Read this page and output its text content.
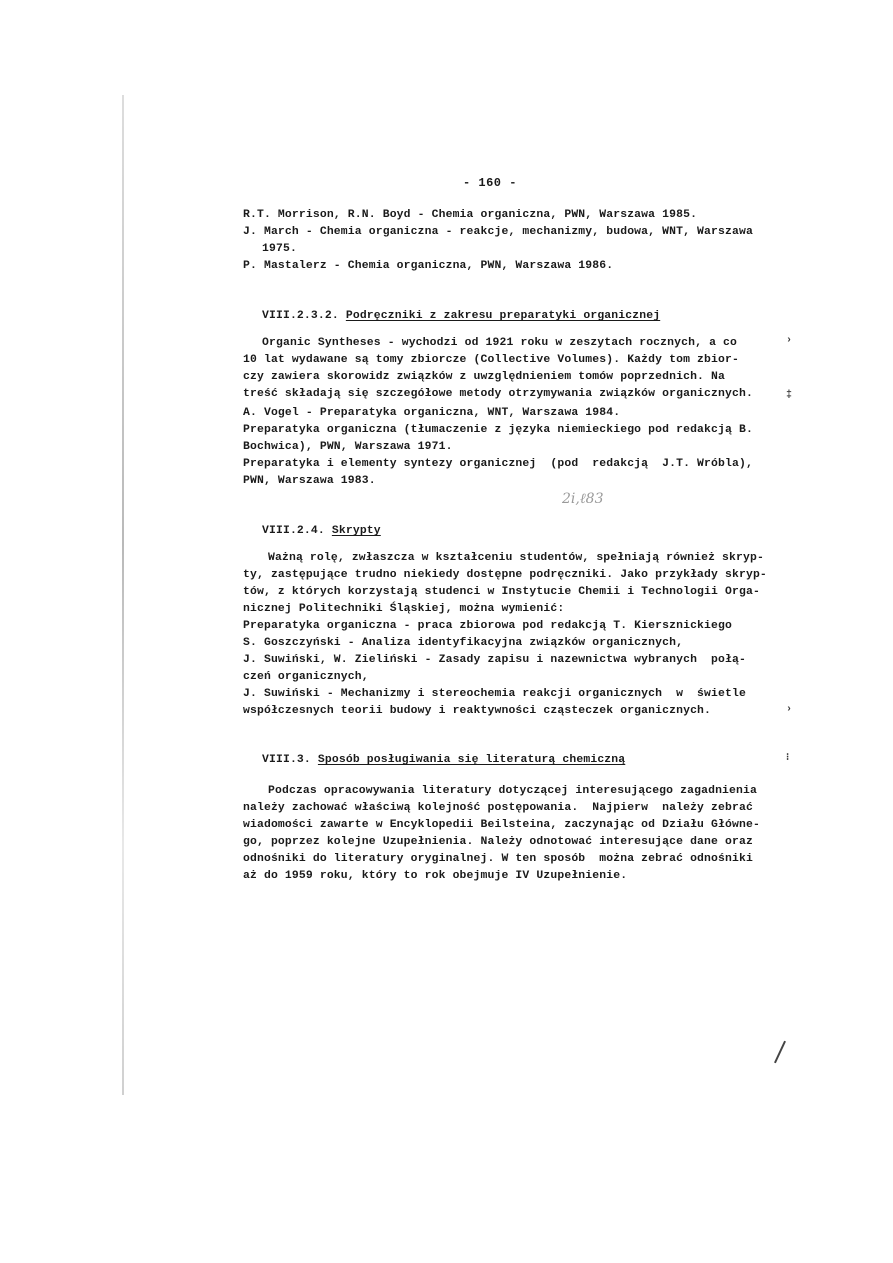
- 160 -
R.T. Morrison, R.N. Boyd - Chemia organiczna, PWN, Warszawa 1985.
J. March - Chemia organiczna - reakcje, mechanizmy, budowa, WNT, Warszawa
1975.
P. Mastalerz - Chemia organiczna, PWN, Warszawa 1986.
VIII.2.3.2. Podręczniki z zakresu preparatyki organicznej
Organic Syntheses - wychodzi od 1921 roku w zeszytach rocznych, a co
10 lat wydawane są tomy zbiorcze (Collective Volumes). Każdy tom zbior-
czy zawiera skorowidz związków z uwzględnieniem tomów poprzednich. Na
treść składają się szczegółowe metody otrzymywania związków organicznych.
A. Vogel - Preparatyka organiczna, WNT, Warszawa 1984.
Preparatyka organiczna (tłumaczenie z języka niemieckiego pod redakcją B.
Bochwica), PWN, Warszawa 1971.
Preparatyka i elementy syntezy organicznej  (pod  redakcją  J.T. Wróbla),
PWN, Warszawa 1983.
2i,ℓ83
VIII.2.4. Skrypty
Ważną rolę, zwłaszcza w kształceniu studentów, spełniają również skryp-
ty, zastępujące trudno niekiedy dostępne podręczniki. Jako przykłady skryp-
tów, z których korzystają studenci w Instytucie Chemii i Technologii Orga-
nicznej Politechniki Śląskiej, można wymienić:
Preparatyka organiczna - praca zbiorowa pod redakcją T. Kiersznickiego
S. Goszczyński - Analiza identyfikacyjna związków organicznych,
J. Suwiński, W. Zieliński - Zasady zapisu i nazewnictwa wybranych  połą-
czeń organicznych,
J. Suwiński - Mechanizmy i stereochemia reakcji organicznych  w  świetle
współczesnych teorii budowy i reaktywności cząsteczek organicznych.
VIII.3. Sposób posługiwania się literaturą chemiczną
Podczas opracowywania literatury dotyczącej interesującego zagadnienia
należy zachować właściwą kolejność postępowania.  Najpierw  należy zebrać
wiadomości zawarte w Encyklopedii Beilsteina, zaczynając od Działu Główne-
go, poprzez kolejne Uzupełnienia. Należy odnotować interesujące dane oraz
odnośniki do literatury oryginalnej. W ten sposób  można zebrać odnośniki
aż do 1959 roku, który to rok obejmuje IV Uzupełnienie.
›
‡
›
⁝
